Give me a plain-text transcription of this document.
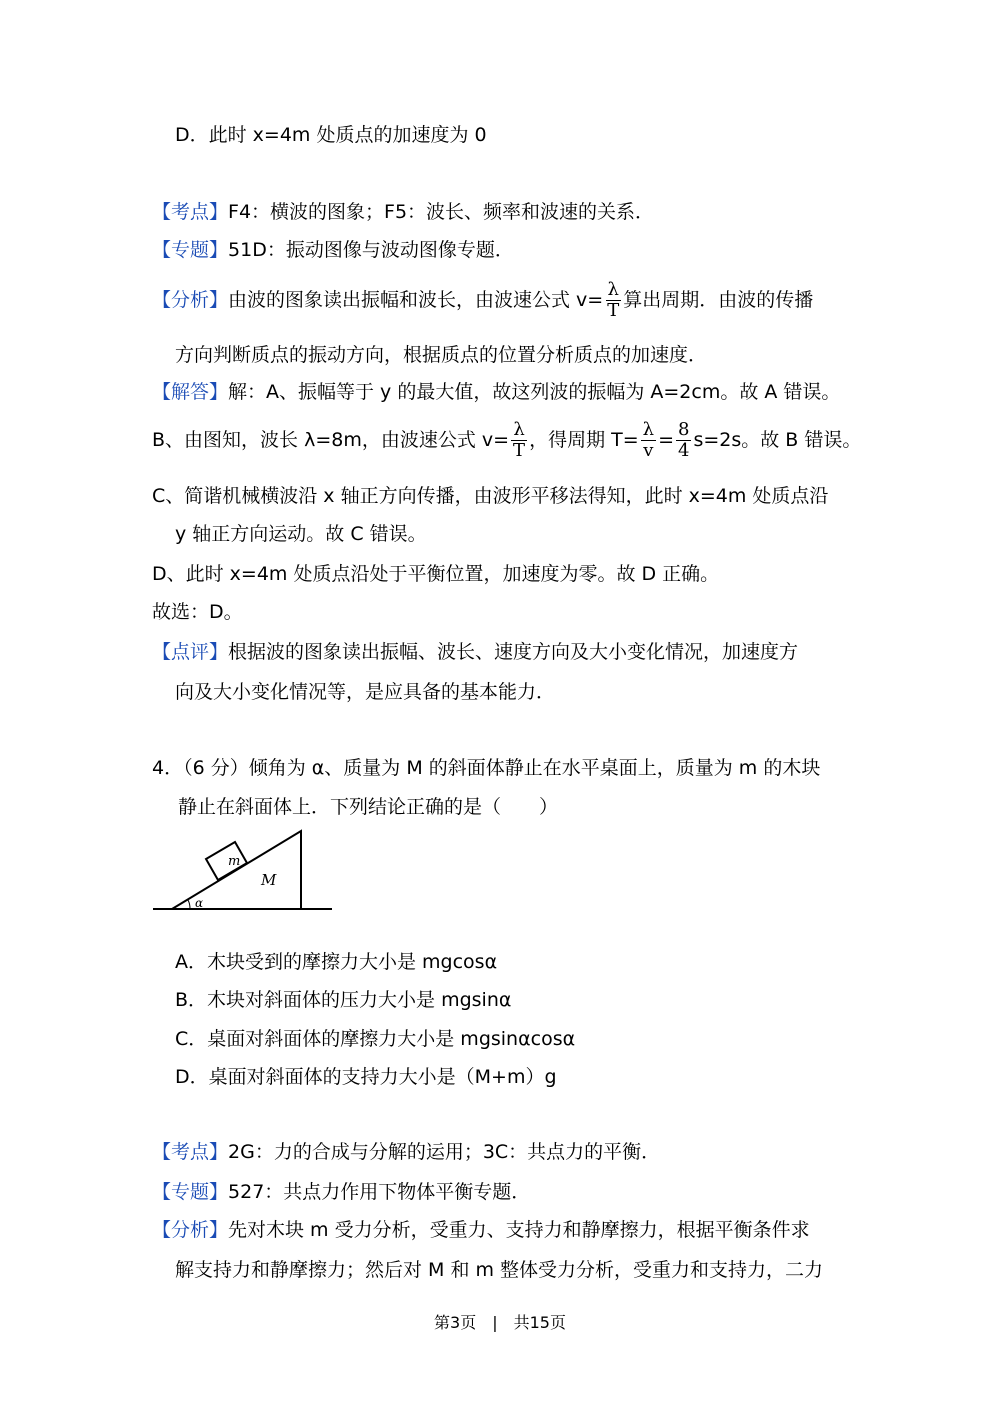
D．此时 x=4m 处质点的加速度为 0
【考点】F4：横波的图象；F5：波长、频率和波速的关系．
【专题】51D：振动图像与波动图像专题．
【分析】由波的图象读出振幅和波长，由波速公式 $v= \frac{\lambda}{T}$ 算出周期．由波的传播
方向判断质点的振动方向，根据质点的位置分析质点的加速度．
【解答】解：A、振幅等于 y 的最大值，故这列波的振幅为 A=2cm。故 A 错误。
B、由图知，波长 λ=8m，由波速公式 $v= \frac{\lambda}{T}$ ，得周期 $T= \frac{\lambda}{v} = \frac{8}{4} s=2s$。故 B 错误。
C、简谐机械横波沿 x 轴正方向传播，由波形平移法得知，此时 x=4m 处质点沿
y 轴正方向运动。故 C 错误。
D、此时 x=4m 处质点沿处于平衡位置，加速度为零。故 D 正确。
故选：D。
【点评】根据波的图象读出振幅、波长、速度方向及大小变化情况，加速度方
向及大小变化情况等，是应具备的基本能力．
4．（6 分）倾角为 α、质量为 M 的斜面体静止在水平桌面上，质量为 m 的木块
静止在斜面体上．下列结论正确的是（　　）
m
M
α
A．木块受到的摩擦力大小是 mgcosα
B．木块对斜面体的压力大小是 mgsinα
C．桌面对斜面体的摩擦力大小是 mgsinαcosα
D．桌面对斜面体的支持力大小是（M+m）g
【考点】2G：力的合成与分解的运用；3C：共点力的平衡．
【专题】527：共点力作用下物体平衡专题．
【分析】先对木块 m 受力分析，受重力、支持力和静摩擦力，根据平衡条件求
解支持力和静摩擦力；然后对 M 和 m 整体受力分析，受重力和支持力，二力
第3页　|　共15页
